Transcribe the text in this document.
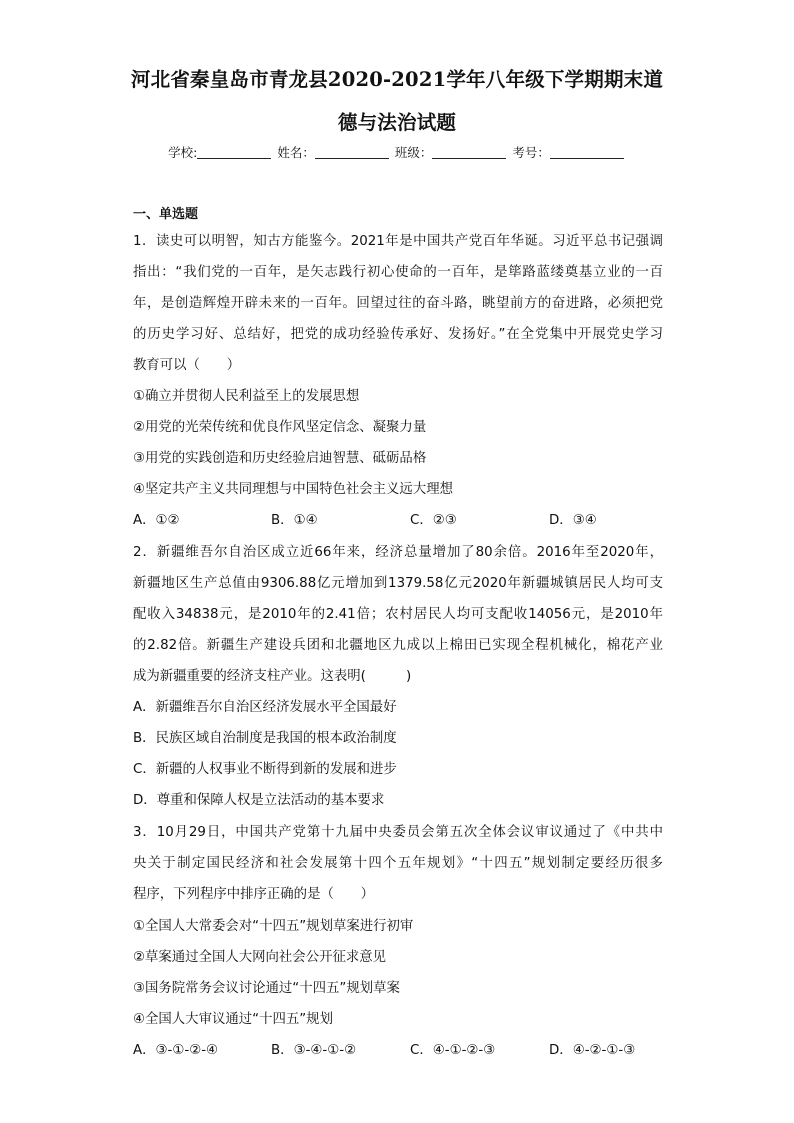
河北省秦皇岛市青龙县2020-2021学年八年级下学期期末道
德与法治试题
学校:	姓名：	班级：	考号：
一、单选题
1．读史可以明智，知古方能鉴今。2021年是中国共产党百年华诞。习近平总书记强调
指出：“我们党的一百年，是矢志践行初心使命的一百年，是筚路蓝缕奠基立业的一百
年，是创造辉煌开辟未来的一百年。回望过往的奋斗路，眺望前方的奋进路，必须把党
的历史学习好、总结好，把党的成功经验传承好、发扬好。”在全党集中开展党史学习
教育可以（　　）
①确立并贯彻人民利益至上的发展思想
②用党的光荣传统和优良作风坚定信念、凝聚力量
③用党的实践创造和历史经验启迪智慧、砥砺品格
④坚定共产主义共同理想与中国特色社会主义远大理想
A．①②	B．①④	C．②③	D．③④
2．新疆维吾尔自治区成立近66年来，经济总量增加了80余倍。2016年至2020年，
新疆地区生产总值由9306.88亿元增加到1379.58亿元2020年新疆城镇居民人均可支
配收入34838元，是2010年的2.41倍；农村居民人均可支配收14056元，是2010年
的2.82倍。新疆生产建设兵团和北疆地区九成以上棉田已实现全程机械化，棉花产业
成为新疆重要的经济支柱产业。这表明(　　　)
A．新疆维吾尔自治区经济发展水平全国最好
B．民族区域自治制度是我国的根本政治制度
C．新疆的人权事业不断得到新的发展和进步
D．尊重和保障人权是立法活动的基本要求
3．10月29日，中国共产党第十九届中央委员会第五次全体会议审议通过了《中共中
央关于制定国民经济和社会发展第十四个五年规划》“十四五”规划制定要经历很多
程序，下列程序中排序正确的是（　　）
①全国人大常委会对“十四五”规划草案进行初审
②草案通过全国人大网向社会公开征求意见
③国务院常务会议讨论通过“十四五”规划草案
④全国人大审议通过“十四五”规划
A．③-①-②-④	B．③-④-①-②	C．④-①-②-③	D．④-②-①-③
